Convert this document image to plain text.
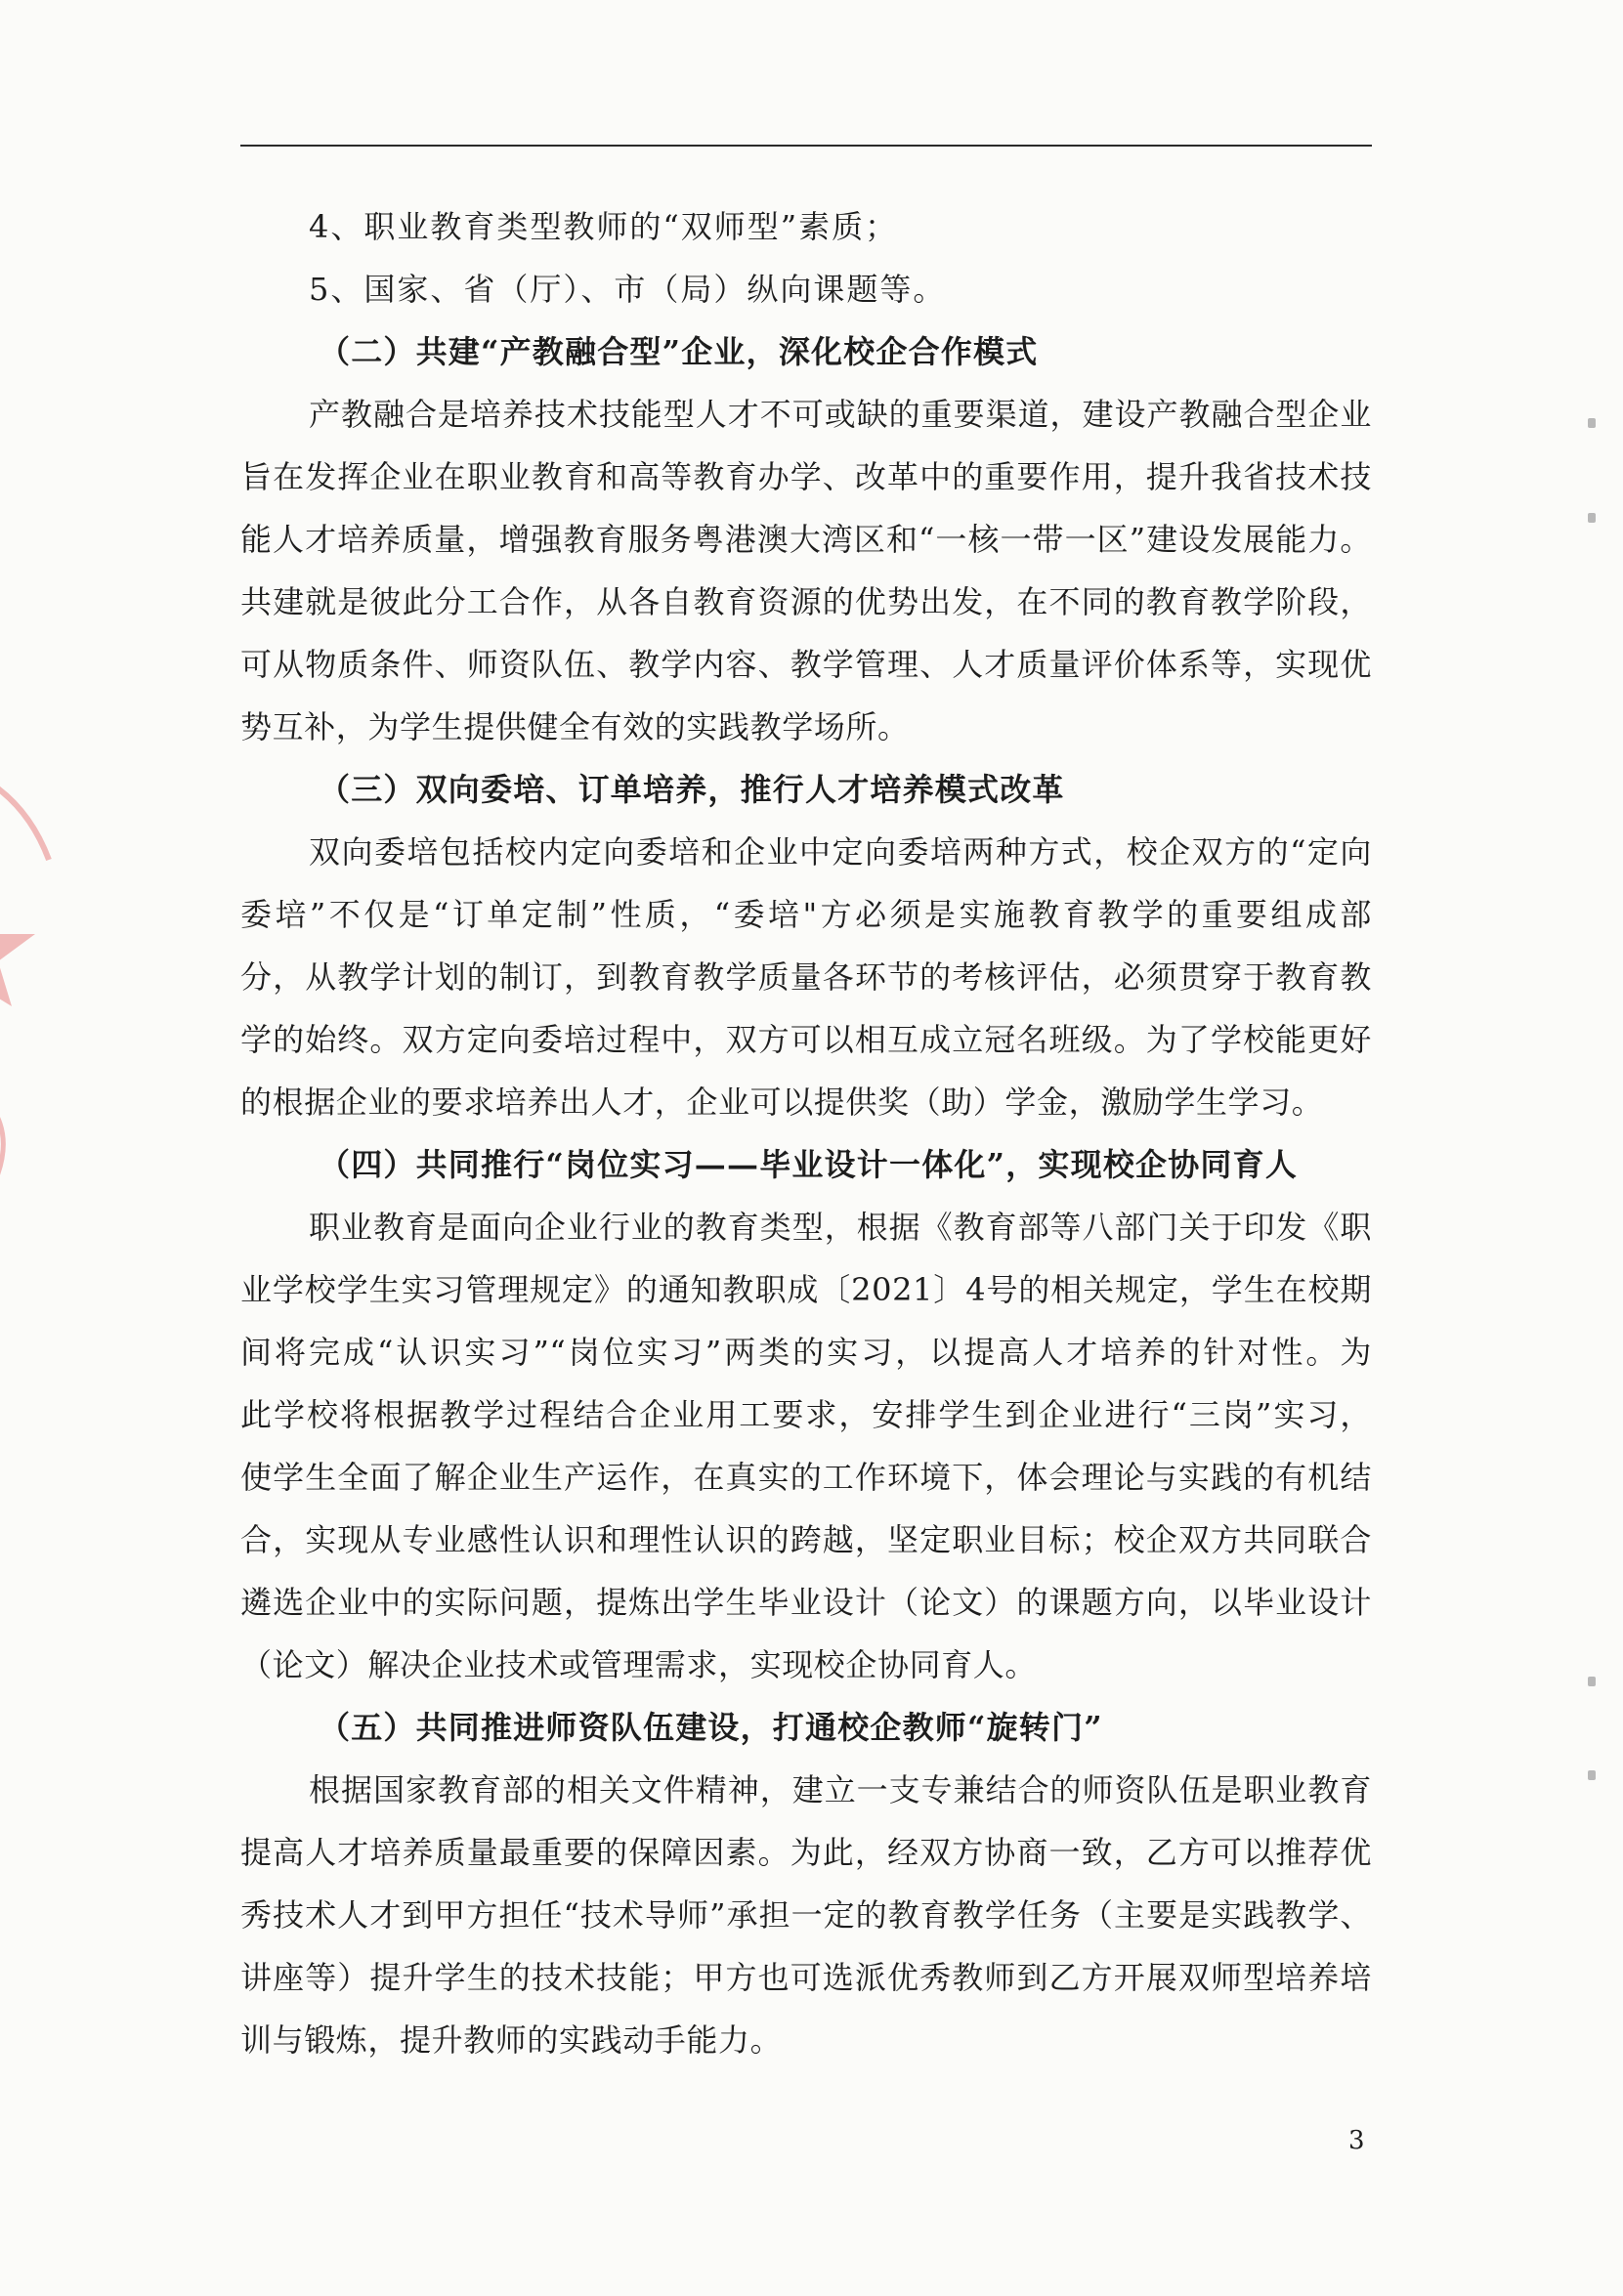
4、职业教育类型教师的“双师型”素质；
5、国家、省（厅）、市（局）纵向课题等。
（二）共建“产教融合型”企业，深化校企合作模式
产教融合是培养技术技能型人才不可或缺的重要渠道，建设产教融合型企业
旨在发挥企业在职业教育和高等教育办学、改革中的重要作用，提升我省技术技
能人才培养质量，增强教育服务粤港澳大湾区和“一核一带一区”建设发展能力。
共建就是彼此分工合作，从各自教育资源的优势出发，在不同的教育教学阶段，
可从物质条件、师资队伍、教学内容、教学管理、人才质量评价体系等，实现优
势互补，为学生提供健全有效的实践教学场所。
（三）双向委培、订单培养，推行人才培养模式改革
双向委培包括校内定向委培和企业中定向委培两种方式，校企双方的“定向
委培”不仅是“订单定制”性质，“委培"方必须是实施教育教学的重要组成部
分，从教学计划的制订，到教育教学质量各环节的考核评估，必须贯穿于教育教
学的始终。双方定向委培过程中，双方可以相互成立冠名班级。为了学校能更好
的根据企业的要求培养出人才，企业可以提供奖（助）学金，激励学生学习。
（四）共同推行“岗位实习——毕业设计一体化”，实现校企协同育人
职业教育是面向企业行业的教育类型，根据《教育部等八部门关于印发《职
业学校学生实习管理规定》的通知教职成〔2021〕4号的相关规定，学生在校期
间将完成“认识实习”“岗位实习”两类的实习，以提高人才培养的针对性。为
此学校将根据教学过程结合企业用工要求，安排学生到企业进行“三岗”实习，
使学生全面了解企业生产运作，在真实的工作环境下，体会理论与实践的有机结
合，实现从专业感性认识和理性认识的跨越，坚定职业目标；校企双方共同联合
遴选企业中的实际问题，提炼出学生毕业设计（论文）的课题方向，以毕业设计
（论文）解决企业技术或管理需求，实现校企协同育人。
（五）共同推进师资队伍建设，打通校企教师“旋转门”
根据国家教育部的相关文件精神，建立一支专兼结合的师资队伍是职业教育
提高人才培养质量最重要的保障因素。为此，经双方协商一致，乙方可以推荐优
秀技术人才到甲方担任“技术导师”承担一定的教育教学任务（主要是实践教学、
讲座等）提升学生的技术技能；甲方也可选派优秀教师到乙方开展双师型培养培
训与锻炼，提升教师的实践动手能力。
3
